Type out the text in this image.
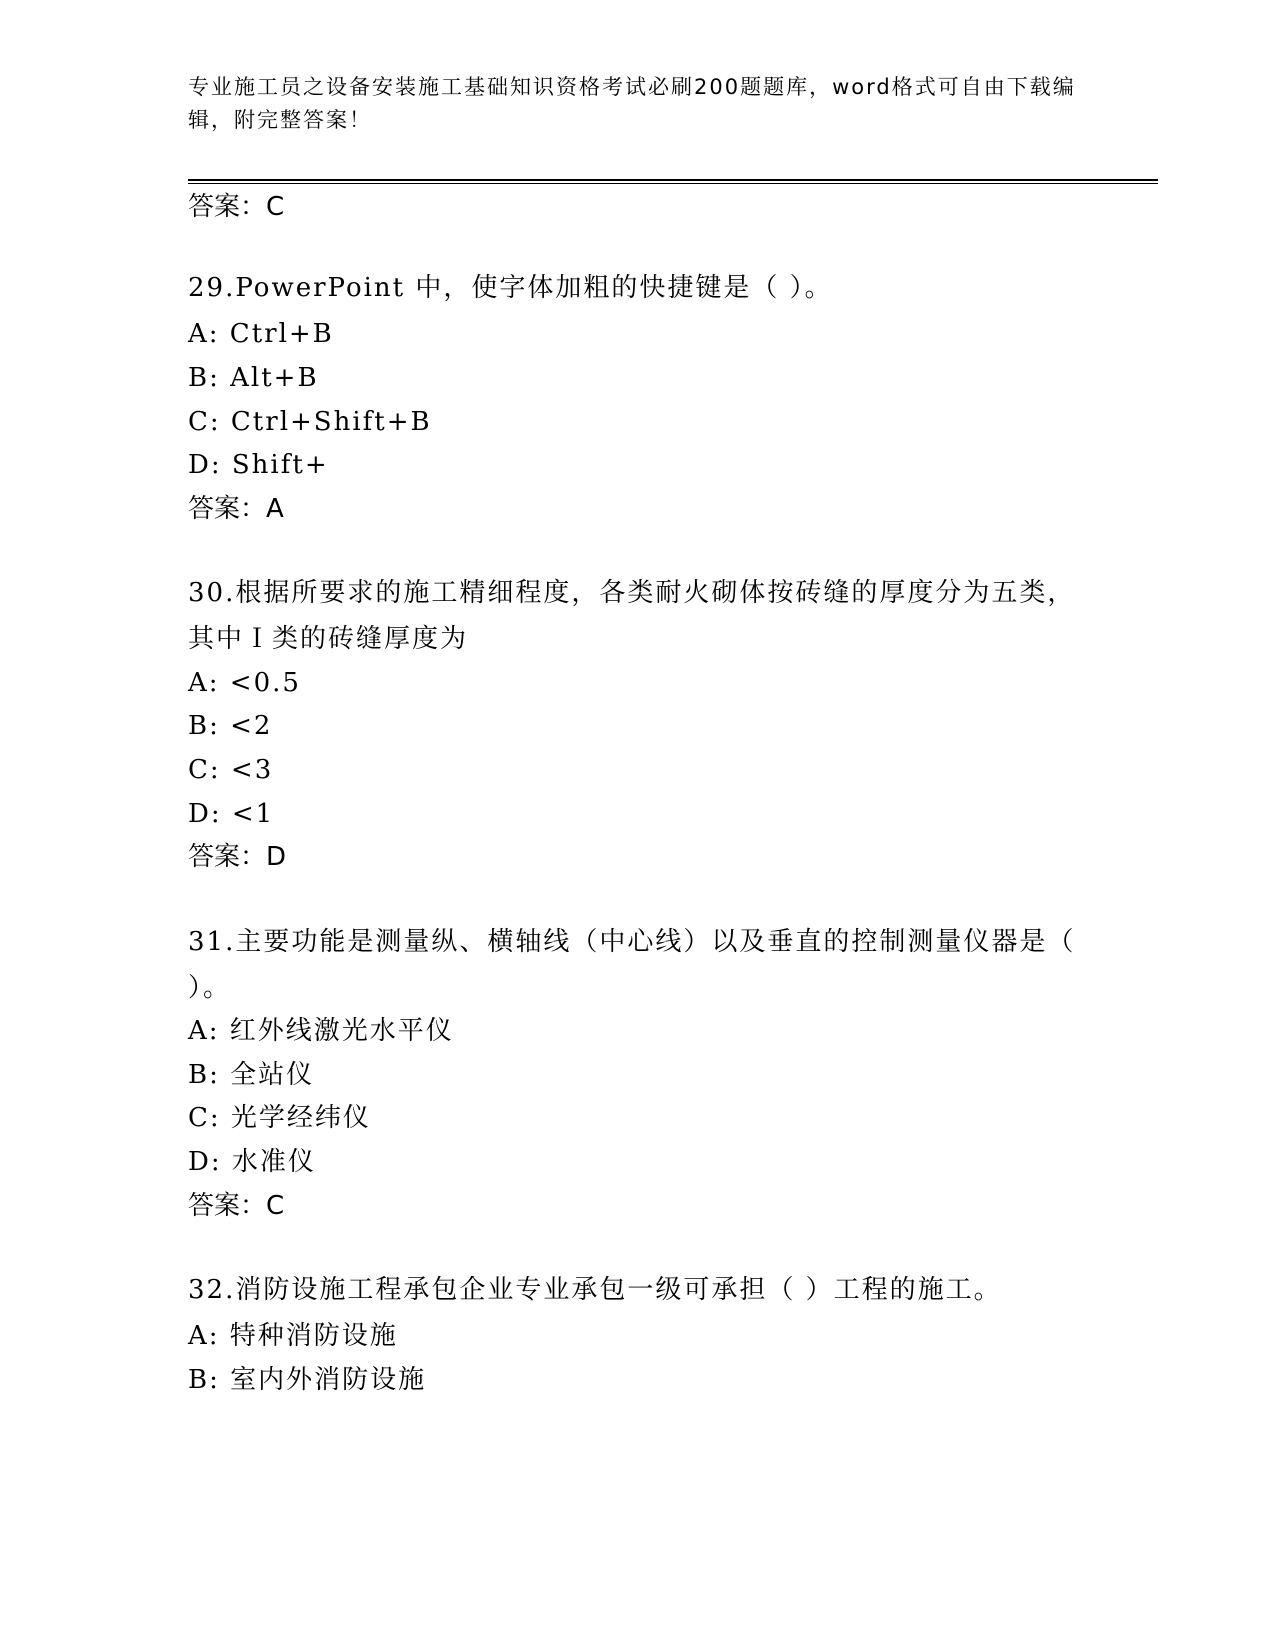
专业施工员之设备安装施工基础知识资格考试必刷200题题库，word格式可自由下载编辑，附完整答案！
答案：C
29.PowerPoint 中，使字体加粗的快捷键是（ ）。
A: Ctrl+B
B: Alt+B
C: Ctrl+Shift+B
D: Shift+
答案：A
30.根据所要求的施工精细程度，各类耐火砌体按砖缝的厚度分为五类，其中Ｉ类的砖缝厚度为
A: <0.5
B: <2
C: <3
D: <1
答案：D
31.主要功能是测量纵、横轴线（中心线）以及垂直的控制测量仪器是（ ）。
A: 红外线激光水平仪
B: 全站仪
C: 光学经纬仪
D: 水准仪
答案：C
32.消防设施工程承包企业专业承包一级可承担（ ）工程的施工。
A: 特种消防设施
B: 室内外消防设施
